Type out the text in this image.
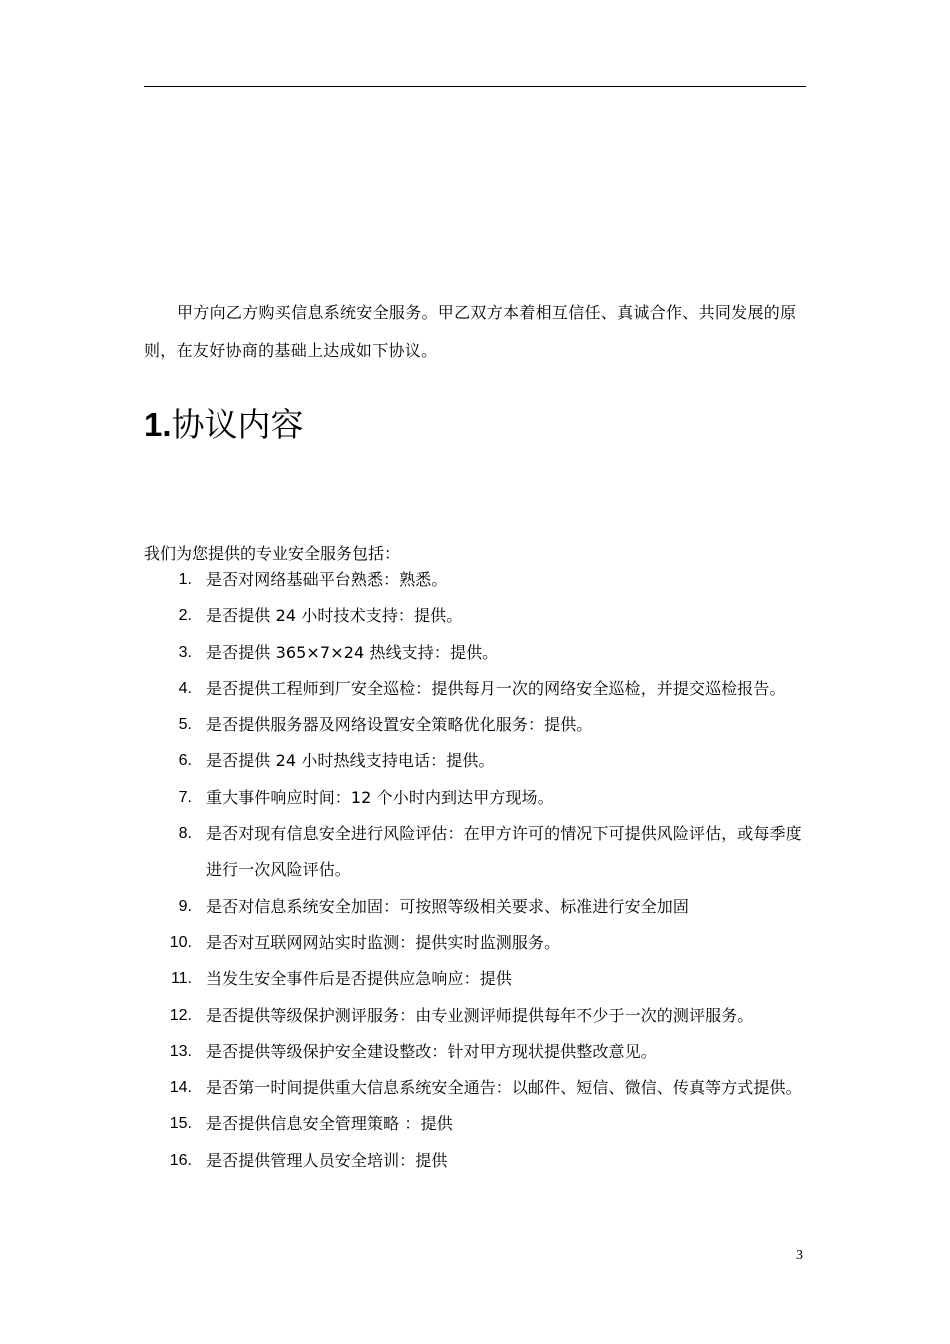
甲方向乙方购买信息系统安全服务。甲乙双方本着相互信任、真诚合作、共同发展的原则，在友好协商的基础上达成如下协议。

1.协议内容

我们为您提供的专业安全服务包括：

1. 是否对网络基础平台熟悉：熟悉。
2. 是否提供 24 小时技术支持：提供。
3. 是否提供 365×7×24 热线支持：提供。
4. 是否提供工程师到厂安全巡检：提供每月一次的网络安全巡检，并提交巡检报告。
5. 是否提供服务器及网络设置安全策略优化服务：提供。
6. 是否提供 24 小时热线支持电话：提供。
7. 重大事件响应时间：12 个小时内到达甲方现场。
8. 是否对现有信息安全进行风险评估：在甲方许可的情况下可提供风险评估，或每季度进行一次风险评估。
9. 是否对信息系统安全加固：可按照等级相关要求、标准进行安全加固
10. 是否对互联网网站实时监测：提供实时监测服务。
11. 当发生安全事件后是否提供应急响应：提供
12. 是否提供等级保护测评服务：由专业测评师提供每年不少于一次的测评服务。
13. 是否提供等级保护安全建设整改：针对甲方现状提供整改意见。
14. 是否第一时间提供重大信息系统安全通告：以邮件、短信、微信、传真等方式提供。
15. 是否提供信息安全管理策略 ：提供
16. 是否提供管理人员安全培训：提供
3
